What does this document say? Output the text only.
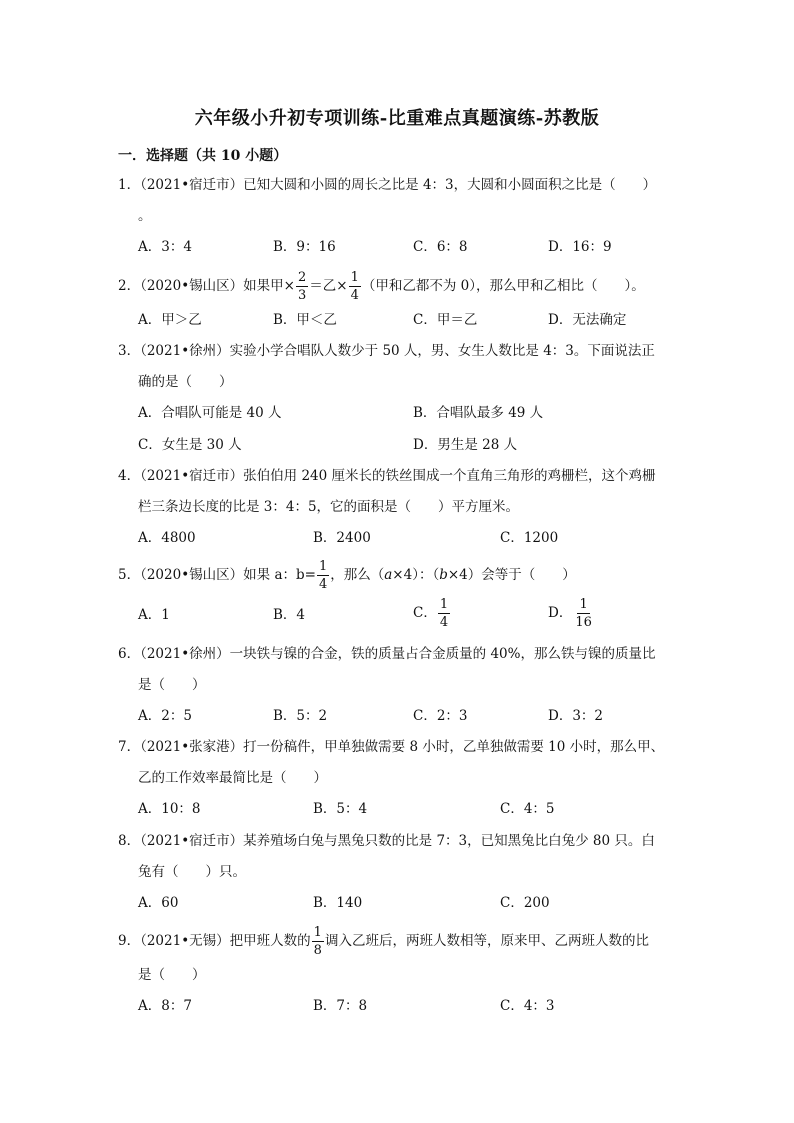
六年级小升初专项训练-比重难点真题演练-苏教版
一．选择题（共 10 小题）
1．（2021•宿迁市）已知大圆和小圆的周长之比是 4：3，大圆和小圆面积之比是（　　）
。
A．3：4	B．9：16	C．6：8	D．16：9
2．（2020•锡山区）如果甲× $\frac{2}{3}$ ＝乙× $\frac{1}{4}$ （甲和乙都不为 0），那么甲和乙相比（　　）。
A．甲＞乙	B．甲＜乙	C．甲＝乙	D．无法确定
3．（2021•徐州）实验小学合唱队人数少于 50 人，男、女生人数比是 4：3。下面说法正
确的是（　　）
A．合唱队可能是 40 人	B．合唱队最多 49 人
C．女生是 30 人	D．男生是 28 人
4．（2021•宿迁市）张伯伯用 240 厘米长的铁丝围成一个直角三角形的鸡栅栏，这个鸡栅
栏三条边长度的比是 3：4：5，它的面积是（　　）平方厘米。
A．4800	B．2400	C．1200
5．（2020•锡山区）如果 a：$b= \frac{1}{4}$ ，那么（a×4）：（b×4）会等于（　　）
A．1	B．4	C． $\frac{1}{4}$	D． $\frac{1}{16}$
6．（2021•徐州）一块铁与镍的合金，铁的质量占合金质量的 40%，那么铁与镍的质量比
是（　　）
A．2：5	B．5：2	C．2：3	D．3：2
7．（2021•张家港）打一份稿件，甲单独做需要 8 小时，乙单独做需要 10 小时，那么甲、
乙的工作效率最简比是（　　）
A．10：8	B．5：4	C．4：5
8．（2021•宿迁市）某养殖场白兔与黑兔只数的比是 7：3，已知黑兔比白兔少 80 只。白
兔有（　　）只。
A．60	B．140	C．200
9．（2021•无锡）把甲班人数的 $\frac{1}{8}$ 调入乙班后，两班人数相等，原来甲、乙两班人数的比
是（　　）
A．8：7	B．7：8	C．4：3
